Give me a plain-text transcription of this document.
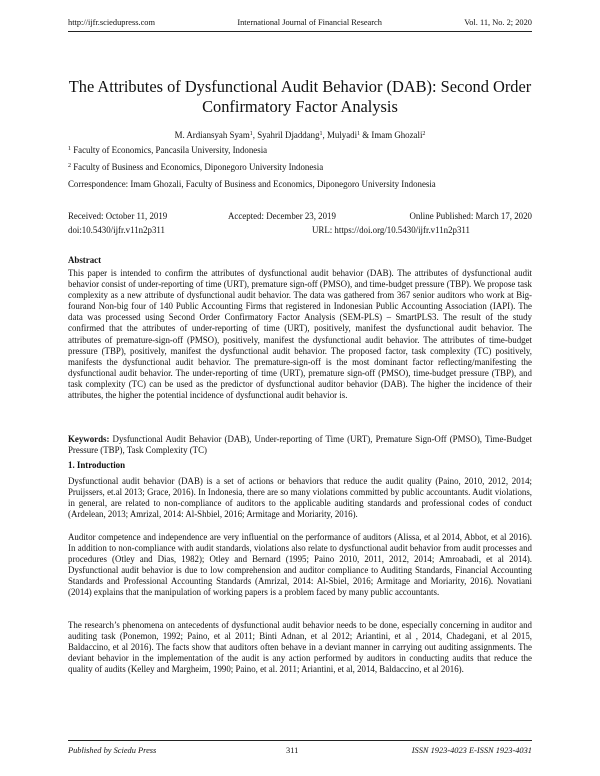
http://ijfr.sciedupress.com	International Journal of Financial Research	Vol. 11, No. 2; 2020
The Attributes of Dysfunctional Audit Behavior (DAB): Second Order Confirmatory Factor Analysis
M. Ardiansyah Syam$^1$, Syahril Djaddang$^1$, Mulyadi$^1$ & Imam Ghozali$^2$
$^1$ Faculty of Economics, Pancasila University, Indonesia
$^2$ Faculty of Business and Economics, Diponegoro University Indonesia
Correspondence: Imam Ghozali, Faculty of Business and Economics, Diponegoro University Indonesia
Received: October 11, 2019	Accepted: December 23, 2019	Online Published: March 17, 2020
doi:10.5430/ijfr.v11n2p311	URL: https://doi.org/10.5430/ijfr.v11n2p311
Abstract

This paper is intended to confirm the attributes of dysfunctional audit behavior (DAB). The attributes of dysfunctional audit behavior consist of under-reporting of time (URT), premature sign-off (PMSO), and time-budget pressure (TBP). We propose task complexity as a new attribute of dysfunctional audit behavior. The data was gathered from 367 senior auditors who work at Big-fourand Non-big four of 140 Public Accounting Firms that registered in Indonesian Public Accounting Association (IAPI). The data was processed using Second Order Confirmatory Factor Analysis (SEM-PLS) – SmartPLS3. The result of the study confirmed that the attributes of under-reporting of time (URT), positively, manifest the dysfunctional audit behavior. The attributes of premature-sign-off (PMSO), positively, manifest the dysfunctional audit behavior. The attributes of time-budget pressure (TBP), positively, manifest the dysfunctional audit behavior. The proposed factor, task complexity (TC) positively, manifests the dysfunctional audit behavior. The premature-sign-off is the most dominant factor reflecting/manifesting the dysfunctional audit behavior. The under-reporting of time (URT), premature sign-off (PMSO), time-budget pressure (TBP), and task complexity (TC) can be used as the predictor of dysfunctional auditor behavior (DAB). The higher the incidence of their attributes, the higher the potential incidence of dysfunctional audit behavior is.

Keywords: Dysfunctional Audit Behavior (DAB), Under-reporting of Time (URT), Premature Sign-Off (PMSO), Time-Budget Pressure (TBP), Task Complexity (TC)

1. Introduction

Dysfunctional audit behavior (DAB) is a set of actions or behaviors that reduce the audit quality (Paino, 2010, 2012, 2014; Pruijssers, et.al 2013; Grace, 2016). In Indonesia, there are so many violations committed by public accountants. Audit violations, in general, are related to non-compliance of auditors to the applicable auditing standards and professional codes of conduct (Ardelean, 2013; Amrizal, 2014: Al-Shbiel, 2016; Armitage and Moriarity, 2016).

Auditor competence and independence are very influential on the performance of auditors (Alissa, et al 2014, Abbot, et al 2016). In addition to non-compliance with audit standards, violations also relate to dysfunctional audit behavior from audit processes and procedures (Otley and Dias, 1982); Otley and Bernard (1995; Paino 2010, 2011, 2012, 2014; Amroabadi, et al 2014). Dysfunctional audit behavior is due to low comprehension and auditor compliance to Auditing Standards, Financial Accounting Standards and Professional Accounting Standards (Amrizal, 2014: Al-Sbiel, 2016; Armitage and Moriarity, 2016). Novatiani (2014) explains that the manipulation of working papers is a problem faced by many public accountants.

The research’s phenomena on antecedents of dysfunctional audit behavior needs to be done, especially concerning in auditor and auditing task (Ponemon, 1992; Paino, et al 2011; Binti Adnan, et al 2012; Ariantini, et al , 2014, Chadegani, et al 2015, Baldaccino, et al 2016). The facts show that auditors often behave in a deviant manner in carrying out auditing assignments. The deviant behavior in the implementation of the audit is any action performed by auditors in conducting audits that reduce the quality of audits (Kelley and Margheim, 1990; Paino, et al. 2011; Ariantini, et al, 2014, Baldaccino, et al 2016).

Published by Sciedu Press	311	ISSN 1923-4023 E-ISSN 1923-4031
